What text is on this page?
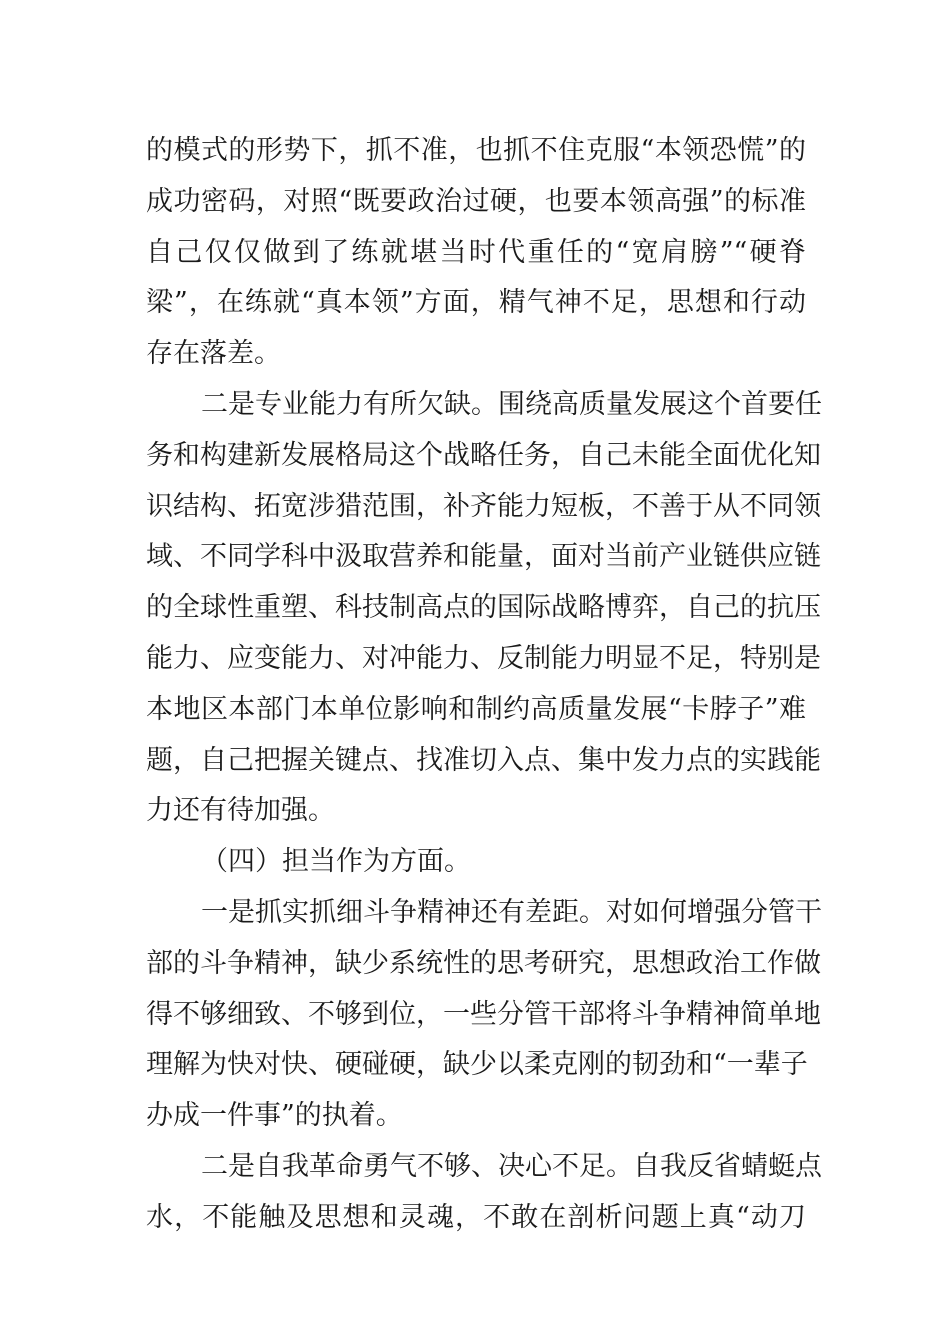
的模式的形势下，抓不准，也抓不住克服“本领恐慌”的
成功密码，对照“既要政治过硬，也要本领高强”的标准
自己仅仅做到了练就堪当时代重任的“宽肩膀”“硬脊
梁”，在练就“真本领”方面，精气神不足，思想和行动
存在落差。
二是专业能力有所欠缺。围绕高质量发展这个首要任
务和构建新发展格局这个战略任务，自己未能全面优化知
识结构、拓宽涉猎范围，补齐能力短板，不善于从不同领
域、不同学科中汲取营养和能量，面对当前产业链供应链
的全球性重塑、科技制高点的国际战略博弈，自己的抗压
能力、应变能力、对冲能力、反制能力明显不足，特别是
本地区本部门本单位影响和制约高质量发展“卡脖子”难
题，自己把握关键点、找准切入点、集中发力点的实践能
力还有待加强。
（四）担当作为方面。
一是抓实抓细斗争精神还有差距。对如何增强分管干
部的斗争精神，缺少系统性的思考研究，思想政治工作做
得不够细致、不够到位，一些分管干部将斗争精神简单地
理解为快对快、硬碰硬，缺少以柔克刚的韧劲和“一辈子
办成一件事”的执着。
二是自我革命勇气不够、决心不足。自我反省蜻蜓点
水，不能触及思想和灵魂，不敢在剖析问题上真“动刀
